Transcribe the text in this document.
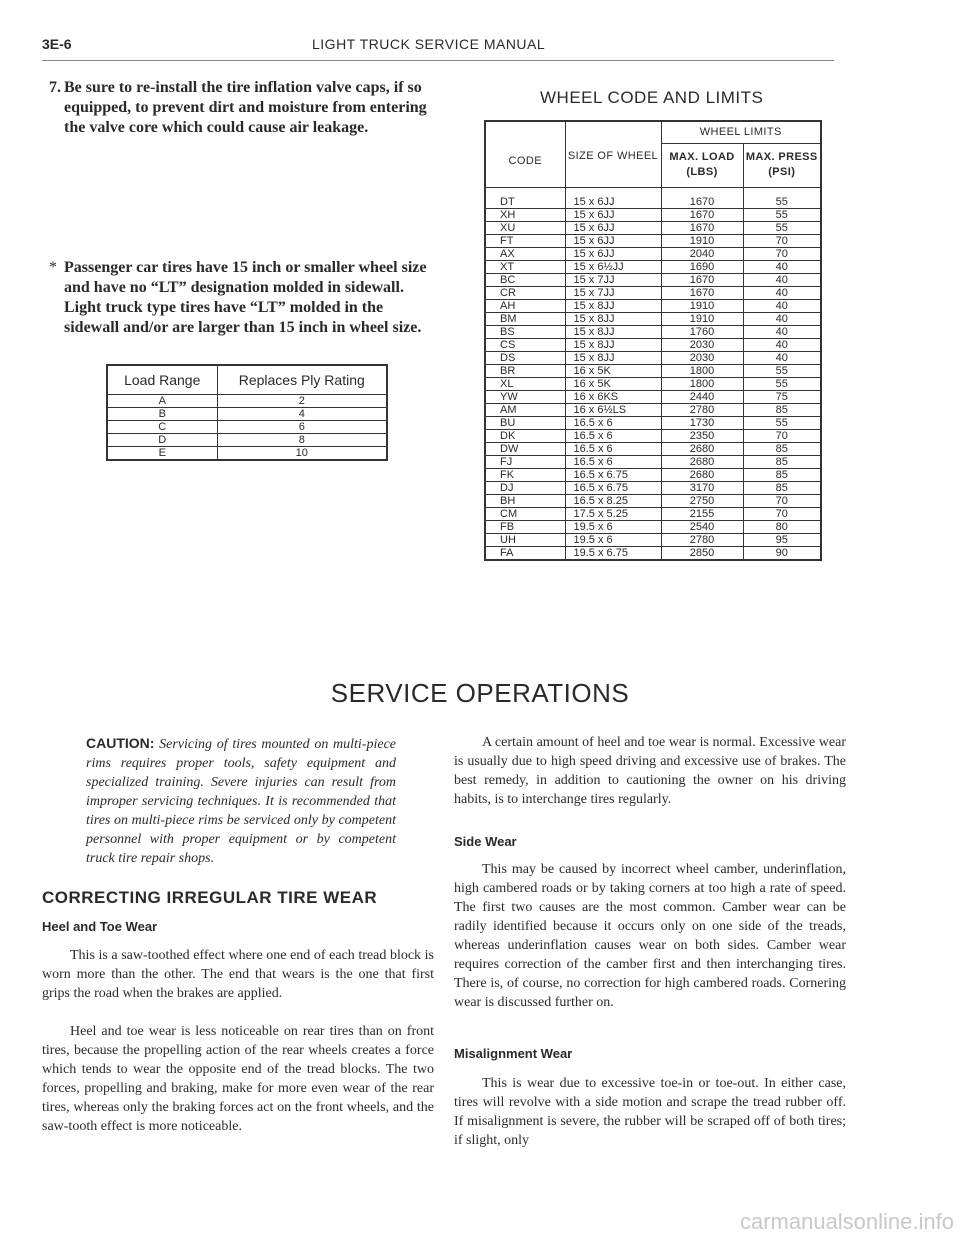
3E-6	LIGHT TRUCK SERVICE MANUAL
7. Be sure to re-install the tire inflation valve caps, if so equipped, to prevent dirt and moisture from entering the valve core which could cause air leakage.
* Passenger car tires have 15 inch or smaller wheel size and have no “LT” designation molded in sidewall. Light truck type tires have “LT” molded in the sidewall and/or are larger than 15 inch in wheel size.
Load Range	Replaces Ply Rating
A	2
B	4
C	6
D	8
E	10
WHEEL CODE AND LIMITS
CODE	SIZE OF WHEEL	WHEEL LIMITS	
		MAX. LOAD (LBS)	MAX. PRESS (PSI)
DT	15 x 6JJ	1670	55
XH	15 x 6JJ	1670	55
XU	15 x 6JJ	1670	55
FT	15 x 6JJ	1910	70
AX	15 x 6JJ	2040	70
XT	15 x 6½JJ	1690	40
BC	15 x 7JJ	1670	40
CR	15 x 7JJ	1670	40
AH	15 x 8JJ	1910	40
BM	15 x 8JJ	1910	40
BS	15 x 8JJ	1760	40
CS	15 x 8JJ	2030	40
DS	15 x 8JJ	2030	40
BR	16 x 5K	1800	55
XL	16 x 5K	1800	55
YW	16 x 6KS	2440	75
AM	16 x 6½LS	2780	85
BU	16.5 x 6	1730	55
DK	16.5 x 6	2350	70
DW	16.5 x 6	2680	85
FJ	16.5 x 6	2680	85
FK	16.5 x 6.75	2680	85
DJ	16.5 x 6.75	3170	85
BH	16.5 x 8.25	2750	70
CM	17.5 x 5.25	2155	70
FB	19.5 x 6	2540	80
UH	19.5 x 6	2780	95
FA	19.5 x 6.75	2850	90
SERVICE OPERATIONS
CAUTION: Servicing of tires mounted on multi-piece rims requires proper tools, safety equipment and specialized training. Severe injuries can result from improper servicing techniques. It is recommended that tires on multi-piece rims be serviced only by competent personnel with proper equipment or by competent truck tire repair shops.
CORRECTING IRREGULAR TIRE WEAR
Heel and Toe Wear

This is a saw-toothed effect where one end of each tread block is worn more than the other. The end that wears is the one that first grips the road when the brakes are applied.

Heel and toe wear is less noticeable on rear tires than on front tires, because the propelling action of the rear wheels creates a force which tends to wear the opposite end of the tread blocks. The two forces, propelling and braking, make for more even wear of the rear tires, whereas only the braking forces act on the front wheels, and the saw-tooth effect is more noticeable.

A certain amount of heel and toe wear is normal. Excessive wear is usually due to high speed driving and excessive use of brakes. The best remedy, in addition to cautioning the owner on his driving habits, is to interchange tires regularly.

Side Wear

This may be caused by incorrect wheel camber, underinflation, high cambered roads or by taking corners at too high a rate of speed. The first two causes are the most common. Camber wear can be radily identified because it occurs only on one side of the treads, whereas underinflation causes wear on both sides. Camber wear requires correction of the camber first and then interchanging tires. There is, of course, no correction for high cambered roads. Cornering wear is discussed further on.

Misalignment Wear

This is wear due to excessive toe-in or toe-out. In either case, tires will revolve with a side motion and scrape the tread rubber off. If misalignment is severe, the rubber will be scraped off of both tires; if slight, only

carmanualsonline.info
